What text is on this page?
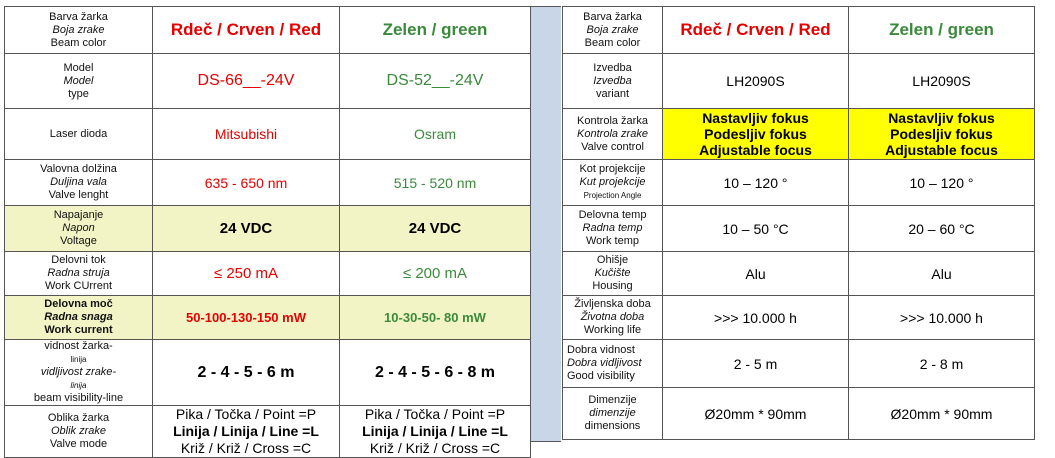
Barva žarka
Boja zrake
Beam color	Rdeč / Crven / Red	Zelen / green

Model
Model
type	DS-66__-24V	DS-52__-24V

Laser dioda	Mitsubishi	Osram

Valovna dolžina
Duljina vala
Valve lenght	635 - 650 nm	515 - 520 nm

Napajanje
Napon
Voltage	24 VDC	24 VDC

Delovni tok
Radna struja
Work CUrrent	≤ 250 mA	≤ 200 mA

Delovna moč
Radna snaga
Work current	50-100-130-150 mW	10-30-50- 80 mW

vidnost žarka-
linija
vidljivost zrake-
linija
beam visibility-line	2 - 4 - 5 - 6 m	2 - 4 - 5 - 6 - 8 m

Oblika žarka
Oblik zrake
Valve mode	Pika / Točka / Point =P
Linija / Linija / Line =L
Križ / Križ / Cross =C	Pika / Točka / Point =P
Linija / Linija / Line =L
Križ / Križ / Cross =C
Barva žarka
Boja zrake
Beam color	Rdeč / Crven / Red	Zelen / green

Izvedba
Izvedba
variant	LH2090S	LH2090S

Kontrola žarka
Kontrola zrake
Valve control	Nastavljiv fokus
Podesljiv fokus
Adjustable focus	Nastavljiv fokus
Podesljiv fokus
Adjustable focus

Kot projekcije
Kut projekcije
Projection Angle	10 – 120 °	10 – 120 °

Delovna temp
Radna temp
Work temp	10 – 50 °C	20 – 60 °C

Ohišje
Kučište
Housing	Alu	Alu

Življenska doba
Životna doba
Working life	>>> 10.000 h	>>> 10.000 h

Dobra vidnost
Dobra vidljivost
Good visibility	2 - 5 m	2 - 8 m

Dimenzije
dimenzije
dimensions	Ø20mm * 90mm	Ø20mm * 90mm
